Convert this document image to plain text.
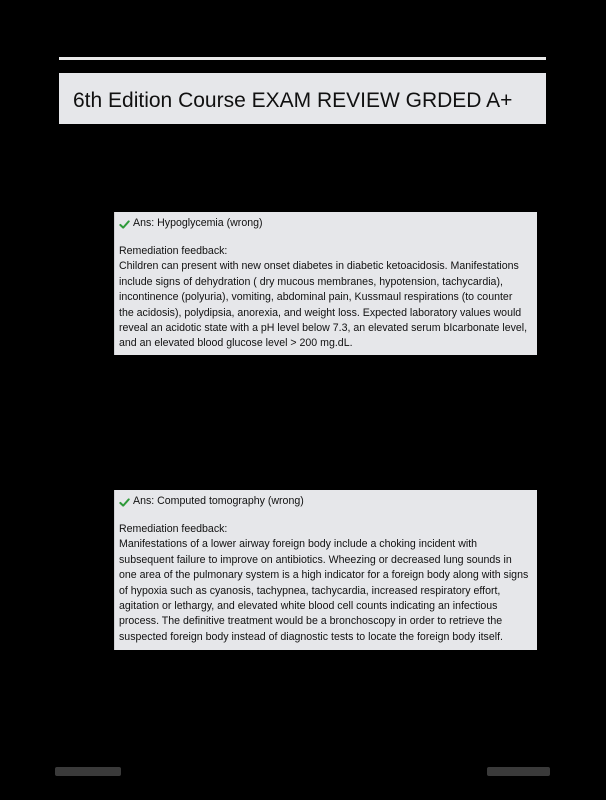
6th Edition Course EXAM REVIEW GRDED A+
Ans: Hypoglycemia (wrong)
Remediation feedback:

Children can present with new onset diabetes in diabetic ketoacidosis. Manifestations include signs of dehydration ( dry mucous membranes, hypotension, tachycardia), incontinence (polyuria), vomiting, abdominal pain, Kussmaul respirations (to counter the acidosis), polydipsia, anorexia, and weight loss. Expected laboratory values would reveal an acidotic state with a pH level below 7.3, an elevated serum bIcarbonate level, and an elevated blood glucose level > 200 mg.dL.

Ans: Computed tomography (wrong)
Remediation feedback:

Manifestations of a lower airway foreign body include a choking incident with subsequent failure to improve on antibiotics. Wheezing or decreased lung sounds in one area of the pulmonary system is a high indicator for a foreign body along with signs of hypoxia such as cyanosis, tachypnea, tachycardia, increased respiratory effort, agitation or lethargy, and elevated white blood cell counts indicating an infectious process. The definitive treatment would be a bronchoscopy in order to retrieve the suspected foreign body instead of diagnostic tests to locate the foreign body itself.
